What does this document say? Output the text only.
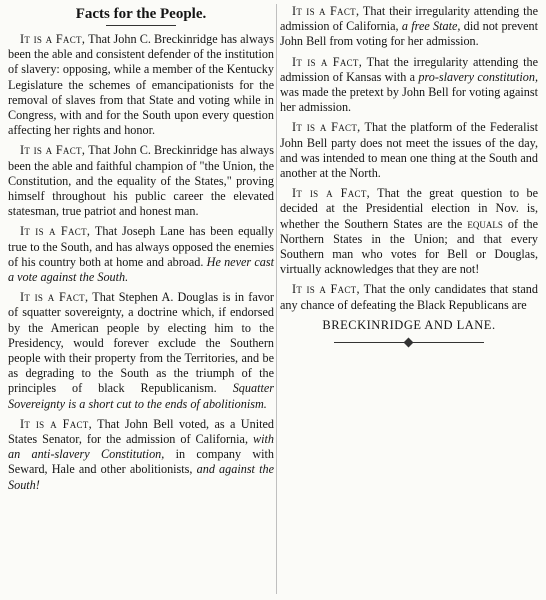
Facts for the People.

It is a Fact, That John C. Breckinridge has always been the able and consistent defender of the institution of slavery: opposing, while a member of the Kentucky Legislature the schemes of emancipationists for the removal of slaves from that State and voting while in Congress, with and for the South upon every question affecting her rights and honor.

It is a Fact, That John C. Breckinridge has always been the able and faithful champion of "the Union, the Constitution, and the equality of the States," proving himself throughout his public career the elevated statesman, true patriot and honest man.

It is a Fact, That Joseph Lane has been equally true to the South, and has always opposed the enemies of his country both at home and abroad. He never cast a vote against the South.

It is a Fact, That Stephen A. Douglas is in favor of squatter sovereignty, a doctrine which, if endorsed by the American people by electing him to the Presidency, would forever exclude the Southern people with their property from the Territories, and be as degrading to the South as the triumph of the principles of black Republicanism. Squatter Sovereignty is a short cut to the ends of abolitionism.

It is a Fact, That John Bell voted, as a United States Senator, for the admission of California, with an anti-slavery Constitution, in company with Seward, Hale and other abolitionists, and against the South!

It is a Fact, That their irregularity attending the admission of California, a free State, did not prevent John Bell from voting for her admission.

It is a Fact, That the irregularity attending the admission of Kansas with a pro-slavery constitution, was made the pretext by John Bell for voting against her admission.

It is a Fact, That the platform of the Federalist John Bell party does not meet the issues of the day, and was intended to mean one thing at the South and another at the North.

It is a Fact, That the great question to be decided at the Presidential election in Nov. is, whether the Southern States are the equals of the Northern States in the Union; and that every Southern man who votes for Bell or Douglas, virtually acknowledges that they are not!

It is a Fact, That the only candidates that stand any chance of defeating the Black Republicans are

BRECKINRIDGE AND LANE.
